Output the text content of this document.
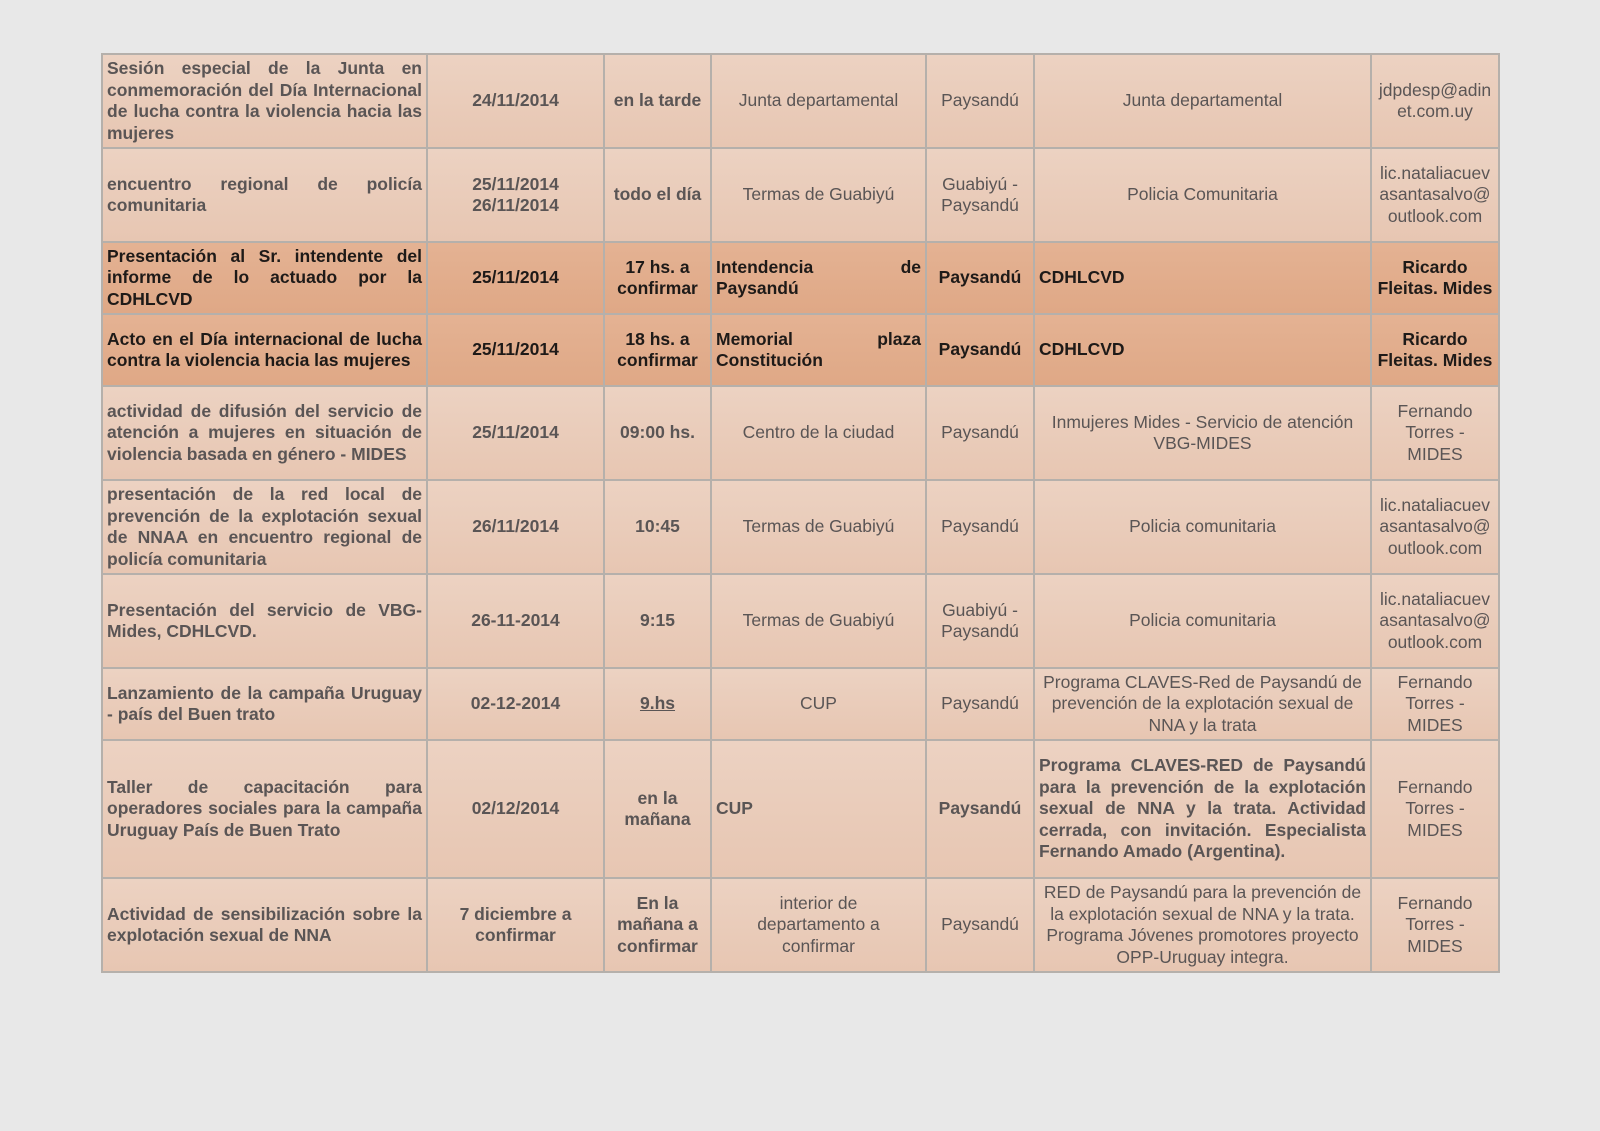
Sesión especial de la Junta en conmemoración del Día Internacional de lucha contra la violencia hacia las mujeres	24/11/2014	en la tarde	Junta departamental	Paysandú	Junta departamental	jdpdesp@adinet.com.uy
encuentro regional de policía comunitaria	25/11/2014 26/11/2014	todo el día	Termas de Guabiyú	Guabiyú - Paysandú	Policia Comunitaria	lic.nataliacuevasantasalvo@outlook.com
Presentación al Sr. intendente del informe de lo actuado por la CDHLCVD	25/11/2014	17 hs. a confirmar	Intendencia de Paysandú	Paysandú	CDHLCVD	Ricardo Fleitas. Mides
Acto en el Día internacional de lucha contra la violencia hacia las mujeres	25/11/2014	18 hs. a confirmar	Memorial plaza Constitución	Paysandú	CDHLCVD	Ricardo Fleitas. Mides
actividad de difusión del servicio de atención a mujeres en situación de violencia basada en género - MIDES	25/11/2014	09:00 hs.	Centro de la ciudad	Paysandú	Inmujeres Mides - Servicio de atención VBG-MIDES	Fernando Torres - MIDES
presentación de la red local de prevención de la explotación sexual de NNAA en encuentro regional de policía comunitaria	26/11/2014	10:45	Termas de Guabiyú	Paysandú	Policia comunitaria	lic.nataliacuevasantasalvo@outlook.com
Presentación del servicio de VBG-Mides, CDHLCVD.	26-11-2014	9:15	Termas de Guabiyú	Guabiyú - Paysandú	Policia comunitaria	lic.nataliacuevasantasalvo@outlook.com
Lanzamiento de la campaña Uruguay - país del Buen trato	02-12-2014	9.hs	CUP	Paysandú	Programa CLAVES-Red de Paysandú de prevención de la explotación sexual de NNA y la trata	Fernando Torres - MIDES
Taller de capacitación para operadores sociales para la campaña Uruguay País de Buen Trato	02/12/2014	en la mañana	CUP	Paysandú	Programa CLAVES-RED de Paysandú para la prevención de la explotación sexual de NNA y la trata. Actividad cerrada, con invitación. Especialista Fernando Amado (Argentina).	Fernando Torres - MIDES
Actividad de sensibilización sobre la explotación sexual de NNA	7 diciembre a confirmar	En la mañana a confirmar	interior de departamento a confirmar	Paysandú	RED de Paysandú para la prevención de la explotación sexual de NNA y la trata. Programa Jóvenes promotores proyecto OPP-Uruguay integra.	Fernando Torres - MIDES
